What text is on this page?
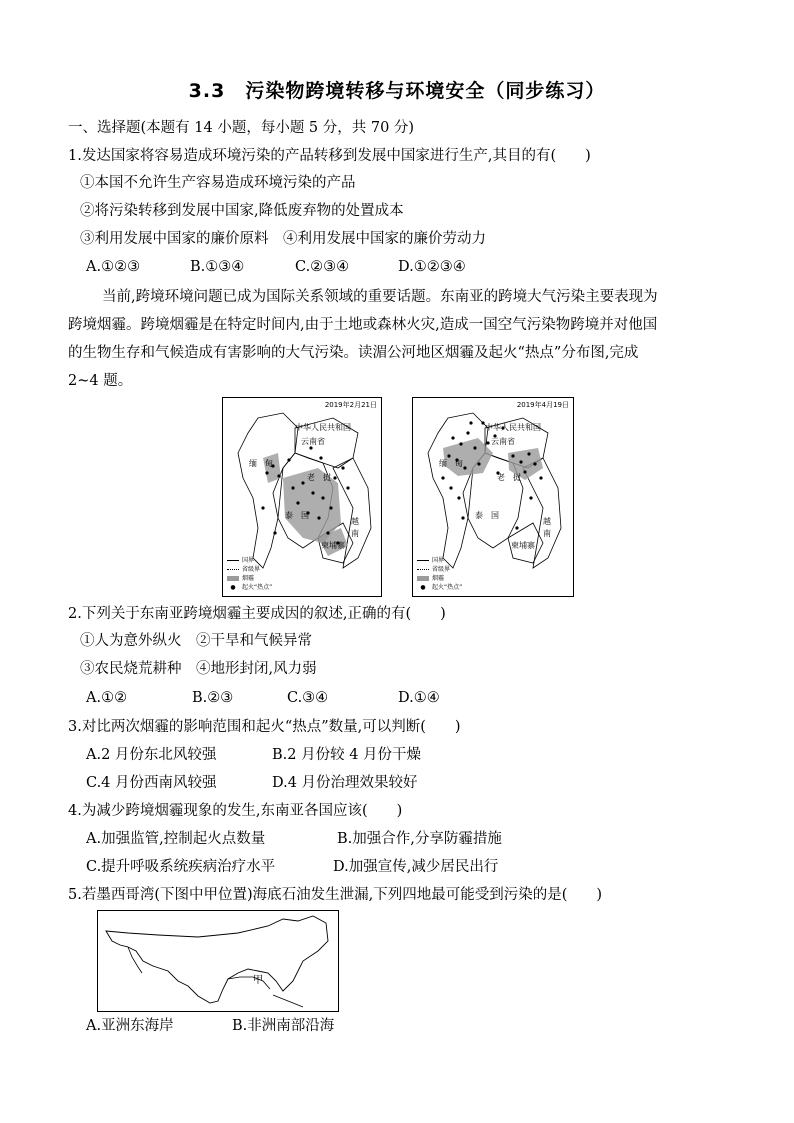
3.3　污染物跨境转移与环境安全（同步练习）
一、选择题(本题有 14 小题，每小题 5 分，共 70 分)
1.发达国家将容易造成环境污染的产品转移到发展中国家进行生产,其目的有(　　)
①本国不允许生产容易造成环境污染的产品
②将污染转移到发展中国家,降低废弃物的处置成本
③利用发展中国家的廉价原料　④利用发展中国家的廉价劳动力
A.①②③	B.①③④	C.②③④	D.①②③④

当前,跨境环境问题已成为国际关系领域的重要话题。东南亚的跨境大气污染主要表现为

跨境烟霾。跨境烟霾是在特定时间内,由于土地或森林火灾,造成一国空气污染物跨境并对他国

的生物生存和气候造成有害影响的大气污染。读湄公河地区烟霾及起火“热点”分布图,完成

2~4 题。

2019年2月21日
中华人民共和国
云南省
缅　甸
老　挝
泰　国
柬埔寨
越　南
国界
省级界
烟霾
●	起火“热点”
2019年4月19日
中华人民共和国
云南省
缅　甸
老　挝
泰　国
柬埔寨
越　南
国界
省级界
烟霾
●	起火“热点”
2.下列关于东南亚跨境烟霾主要成因的叙述,正确的有(　　)
①人为意外纵火　②干旱和气候异常
③农民烧荒耕种　④地形封闭,风力弱
A.①②	B.②③	C.③④	D.①④
3.对比两次烟霾的影响范围和起火“热点”数量,可以判断(　　)
A.2 月份东北风较强	B.2 月份较 4 月份干燥
C.4 月份西南风较强	D.4 月份治理效果较好
4.为减少跨境烟霾现象的发生,东南亚各国应该(　　)
A.加强监管,控制起火点数量	B.加强合作,分享防霾措施
C.提升呼吸系统疾病治疗水平	D.加强宣传,减少居民出行
5.若墨西哥湾(下图中甲位置)海底石油发生泄漏,下列四地最可能受到污染的是(　　)
甲
A.亚洲东海岸	B.非洲南部沿海
